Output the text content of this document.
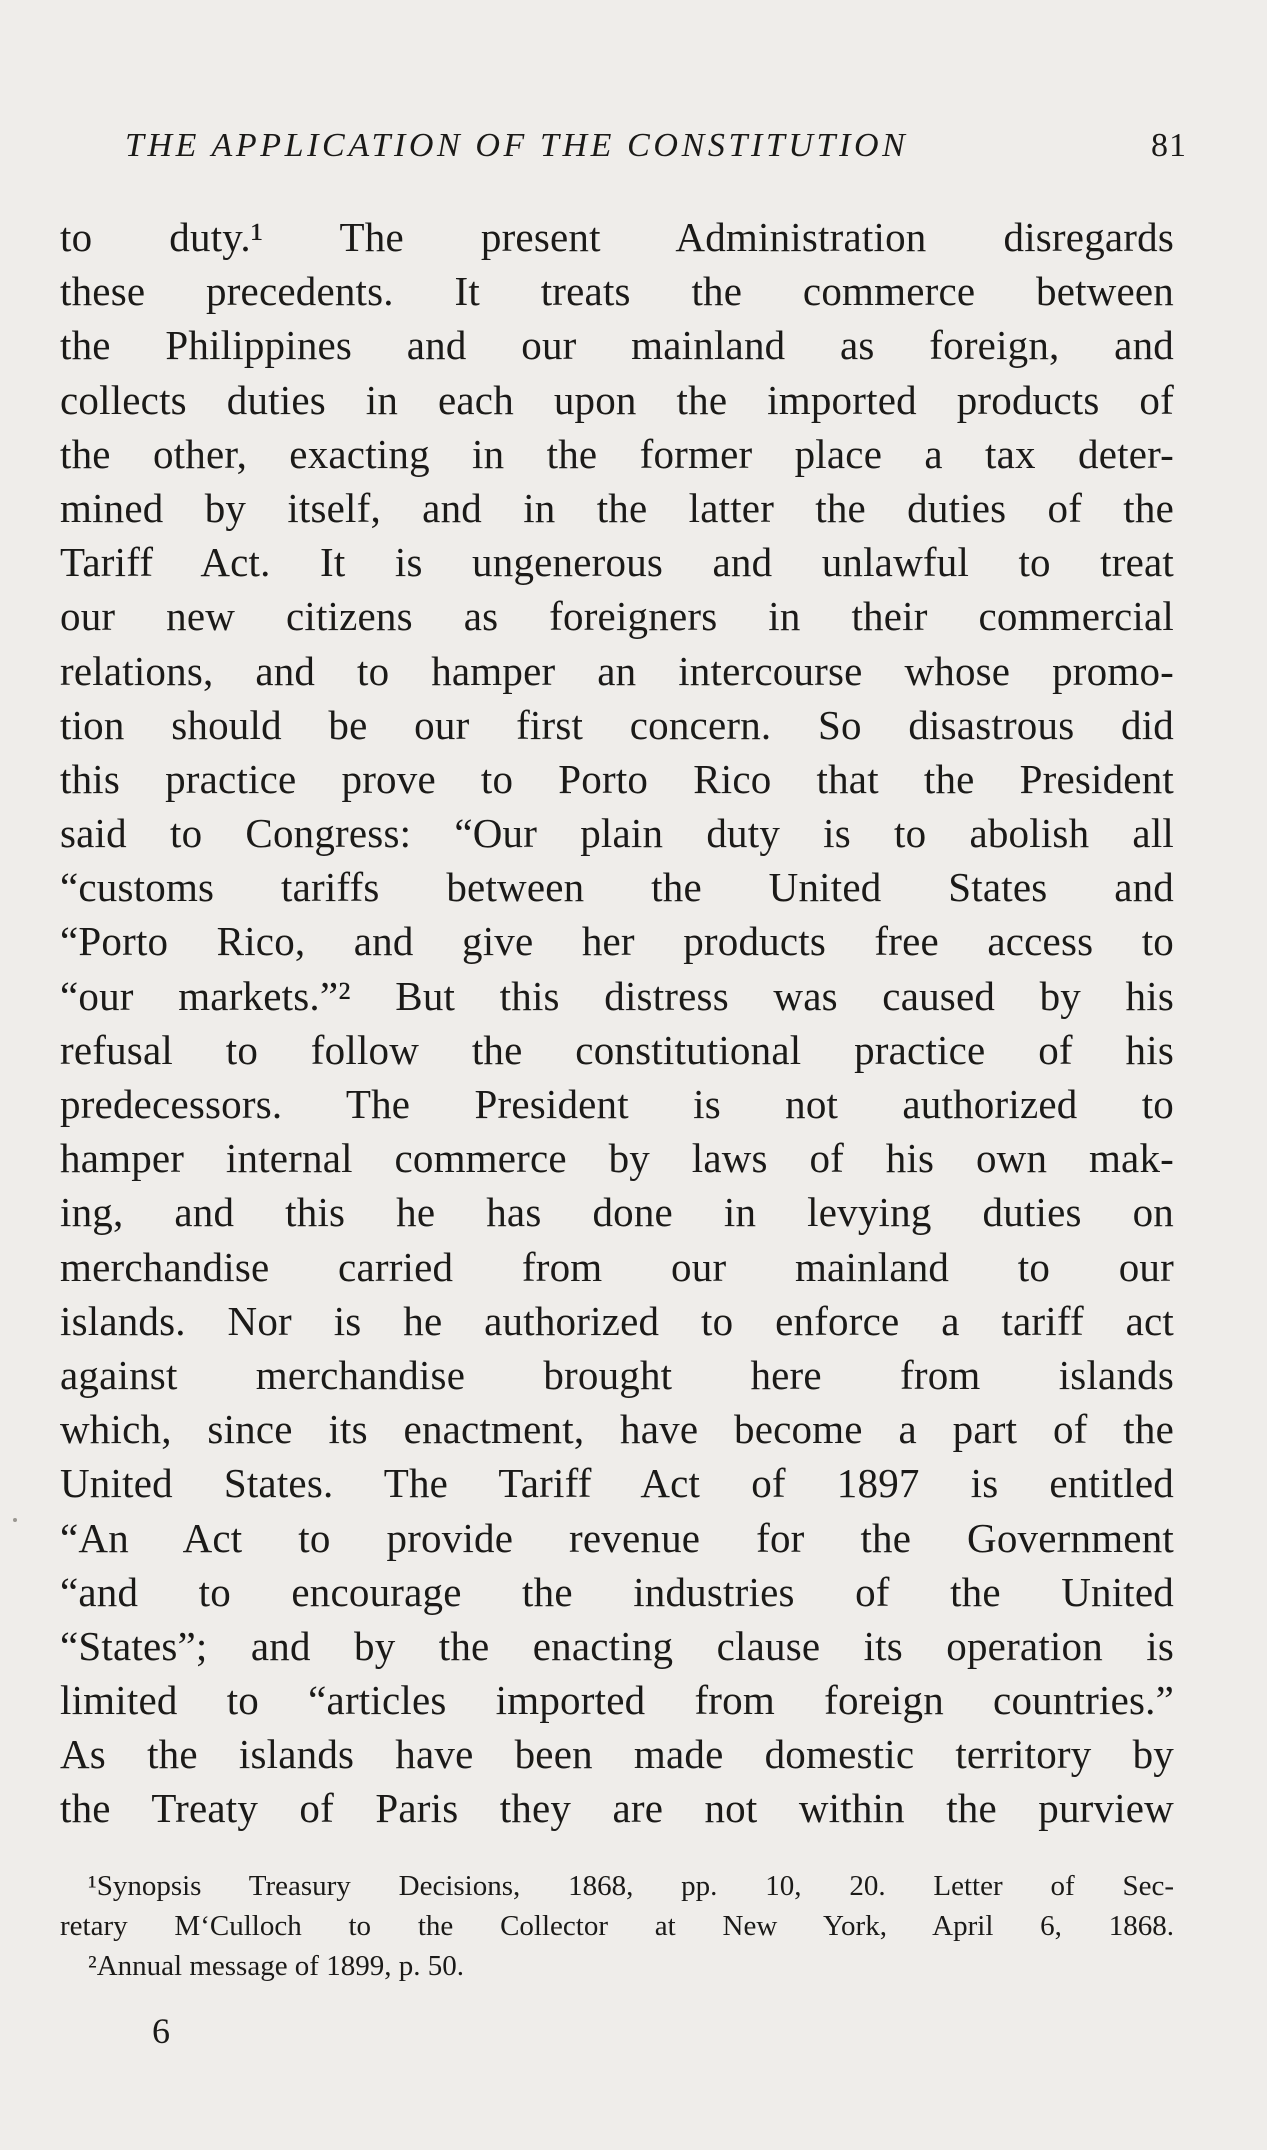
THE APPLICATION OF THE CONSTITUTION	81
to duty.¹ The present Administration disregards
these precedents. It treats the commerce between
the Philippines and our mainland as foreign, and
collects duties in each upon the imported products of
the other, exacting in the former place a tax deter-
mined by itself, and in the latter the duties of the
Tariff Act. It is ungenerous and unlawful to treat
our new citizens as foreigners in their commercial
relations, and to hamper an intercourse whose promo-
tion should be our first concern. So disastrous did
this practice prove to Porto Rico that the President
said to Congress: “Our plain duty is to abolish all
“customs tariffs between the United States and
“Porto Rico, and give her products free access to
“our markets.”² But this distress was caused by his
refusal to follow the constitutional practice of his
predecessors. The President is not authorized to
hamper internal commerce by laws of his own mak-
ing, and this he has done in levying duties on
merchandise carried from our mainland to our
islands. Nor is he authorized to enforce a tariff act
against merchandise brought here from islands
which, since its enactment, have become a part of the
United States. The Tariff Act of 1897 is entitled
“An Act to provide revenue for the Government
“and to encourage the industries of the United
“States”; and by the enacting clause its operation is
limited to “articles imported from foreign countries.”
As the islands have been made domestic territory by
the Treaty of Paris they are not within the purview
¹Synopsis Treasury Decisions, 1868, pp. 10, 20. Letter of Sec-
retary M‘Culloch to the Collector at New York, April 6, 1868.
²Annual message of 1899, p. 50.
6
